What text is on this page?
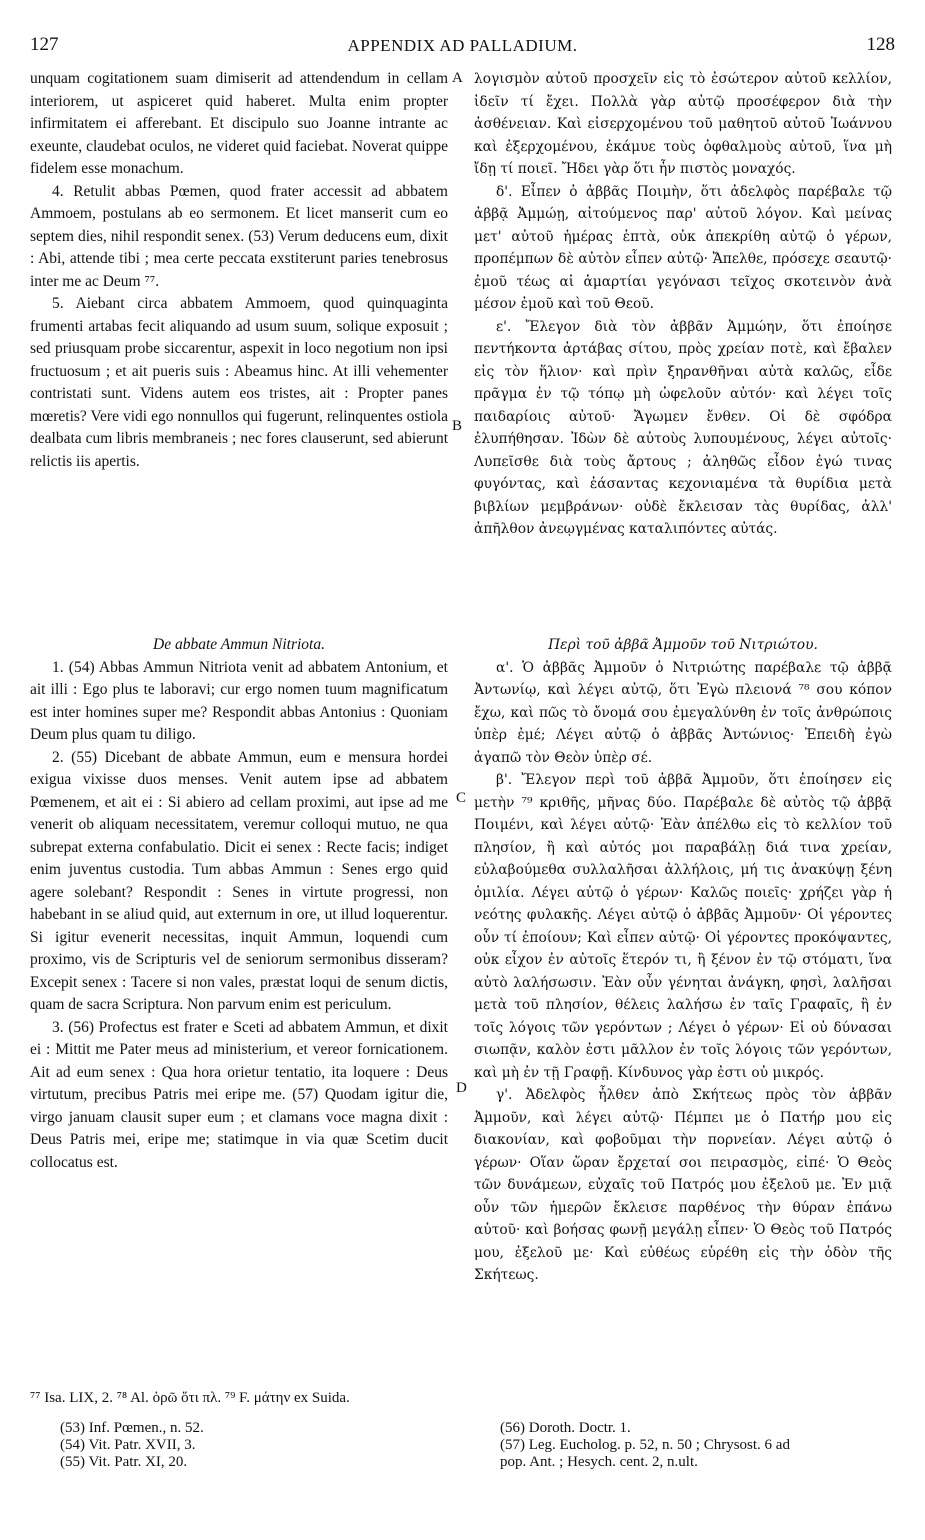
127	APPENDIX AD PALLADIUM.	128

unquam cogitationem suam dimiserit ad attendendum in cellam interiorem, ut aspiceret quid haberet. Multa enim propter infirmitatem ei afferebant. Et discipulo suo Joanne intrante ac exeunte, claudebat oculos, ne videret quid faciebat. Noverat quippe fidelem esse monachum.

4. Retulit abbas Pœmen, quod frater accessit ad abbatem Ammoem, postulans ab eo sermonem. Et licet manserit cum eo septem dies, nihil respondit senex. (53) Verum deducens eum, dixit : Abi, attende tibi ; mea certe peccata exstiterunt paries tenebrosus inter me ac Deum ⁷⁷.

5. Aiebant circa abbatem Ammoem, quod quinquaginta frumenti artabas fecit aliquando ad usum suum, solique exposuit ; sed priusquam probe siccarentur, aspexit in loco negotium non ipsi fructuosum ; et ait pueris suis : Abeamus hinc. At illi vehementer contristati sunt. Videns autem eos tristes, ait : Propter panes mœretis? Vere vidi ego nonnullos qui fugerunt, relinquentes ostiola dealbata cum libris membraneis ; nec fores clauserunt, sed abierunt relictis iis apertis.

λογισμὸν αὐτοῦ προσχεῖν εἰς τὸ ἐσώτερον αὐτοῦ κελλίον, ἰδεῖν τί ἔχει. Πολλὰ γὰρ αὐτῷ προσέφερον διὰ τὴν ἀσθένειαν. Καὶ εἰσερχομένου τοῦ μαθητοῦ αὐτοῦ Ἰωάννου καὶ ἐξερχομένου, ἐκάμυε τοὺς ὀφθαλμοὺς αὐτοῦ, ἵνα μὴ ἴδῃ τί ποιεῖ. Ἤδει γὰρ ὅτι ἦν πιστὸς μοναχός.

δ'. Εἶπεν ὁ ἀββᾶς Ποιμὴν, ὅτι ἀδελφὸς παρέβαλε τῷ ἀββᾷ Ἀμμώῃ, αἰτούμενος παρ' αὐτοῦ λόγον. Καὶ μείνας μετ' αὐτοῦ ἡμέρας ἑπτὰ, οὐκ ἀπεκρίθη αὐτῷ ὁ γέρων, προπέμπων δὲ αὐτὸν εἶπεν αὐτῷ· Ἄπελθε, πρόσεχε σεαυτῷ· ἐμοῦ τέως αἱ ἁμαρτίαι γεγόνασι τεῖχος σκοτεινὸν ἀνὰ μέσον ἐμοῦ καὶ τοῦ Θεοῦ.

ε'. Ἔλεγον διὰ τὸν ἀββᾶν Ἀμμώην, ὅτι ἐποίησε πεντήκοντα ἀρτάβας σίτου, πρὸς χρείαν ποτὲ, καὶ ἔβαλεν εἰς τὸν ἥλιον· καὶ πρὶν ξηρανθῆναι αὐτὰ καλῶς, εἶδε πρᾶγμα ἐν τῷ τόπῳ μὴ ὠφελοῦν αὐτόν· καὶ λέγει τοῖς παιδαρίοις αὐτοῦ· Ἄγωμεν ἔνθεν. Οἱ δὲ σφόδρα ἐλυπήθησαν. Ἰδὼν δὲ αὐτοὺς λυπουμένους, λέγει αὐτοῖς· Λυπεῖσθε διὰ τοὺς ἄρτους ; ἀληθῶς εἶδον ἐγώ τινας φυγόντας, καὶ ἐάσαντας κεχονιαμένα τὰ θυρίδια μετὰ βιβλίων μεμβράνων· οὐδὲ ἔκλεισαν τὰς θυρίδας, ἀλλ' ἀπῆλθον ἀνεῳγμένας καταλιπόντες αὐτάς.

A
B
C
D

De abbate Ammun Nitriota.

1. (54) Abbas Ammun Nitriota venit ad abbatem Antonium, et ait illi : Ego plus te laboravi; cur ergo nomen tuum magnificatum est inter homines super me? Respondit abbas Antonius : Quoniam Deum plus quam tu diligo.

2. (55) Dicebant de abbate Ammun, eum e mensura hordei exigua vixisse duos menses. Venit autem ipse ad abbatem Pœmenem, et ait ei : Si abiero ad cellam proximi, aut ipse ad me venerit ob aliquam necessitatem, veremur colloqui mutuo, ne qua subrepat externa confabulatio. Dicit ei senex : Recte facis; indiget enim juventus custodia. Tum abbas Ammun : Senes ergo quid agere solebant? Respondit : Senes in virtute progressi, non habebant in se aliud quid, aut externum in ore, ut illud loquerentur. Si igitur evenerit necessitas, inquit Ammun, loquendi cum proximo, vis de Scripturis vel de seniorum sermonibus disseram? Excepit senex : Tacere si non vales, præstat loqui de senum dictis, quam de sacra Scriptura. Non parvum enim est periculum.

3. (56) Profectus est frater e Sceti ad abbatem Ammun, et dixit ei : Mittit me Pater meus ad ministerium, et vereor fornicationem. Ait ad eum senex : Qua hora orietur tentatio, ita loquere : Deus virtutum, precibus Patris mei eripe me. (57) Quodam igitur die, virgo januam clausit super eum ; et clamans voce magna dixit : Deus Patris mei, eripe me; statimque in via quæ Scetim ducit collocatus est.

Περὶ τοῦ ἀββᾶ Ἀμμοῦν τοῦ Νιτριώτου.

α'. Ὁ ἀββᾶς Ἀμμοῦν ὁ Νιτριώτης παρέβαλε τῷ ἀββᾷ Ἀντωνίῳ, καὶ λέγει αὐτῷ, ὅτι Ἐγὼ πλειονά ⁷⁸ σου κόπον ἔχω, καὶ πῶς τὸ ὄνομά σου ἐμεγαλύνθη ἐν τοῖς ἀνθρώποις ὑπὲρ ἐμέ; Λέγει αὐτῷ ὁ ἀββᾶς Ἀντώνιος· Ἐπειδὴ ἐγὼ ἀγαπῶ τὸν Θεὸν ὑπὲρ σέ.

β'. Ἔλεγον περὶ τοῦ ἀββᾶ Ἀμμοῦν, ὅτι ἐποίησεν εἰς μετὴν ⁷⁹ κριθῆς, μῆνας δύο. Παρέβαλε δὲ αὐτὸς τῷ ἀββᾷ Ποιμένι, καὶ λέγει αὐτῷ· Ἐὰν ἀπέλθω εἰς τὸ κελλίον τοῦ πλησίον, ἢ καὶ αὐτός μοι παραβάλῃ διά τινα χρείαν, εὐλαβούμεθα συλλαλῆσαι ἀλλήλοις, μή τις ἀνακύψῃ ξένη ὁμιλία. Λέγει αὐτῷ ὁ γέρων· Καλῶς ποιεῖς· χρήζει γὰρ ἡ νεότης φυλακῆς. Λέγει αὐτῷ ὁ ἀββᾶς Ἀμμοῦν· Οἱ γέροντες οὖν τί ἐποίουν; Καὶ εἶπεν αὐτῷ· Οἱ γέροντες προκόψαντες, οὐκ εἶχον ἐν αὐτοῖς ἕτερόν τι, ἢ ξένον ἐν τῷ στόματι, ἵνα αὐτὸ λαλήσωσιν. Ἐὰν οὖν γένηται ἀνάγκη, φησὶ, λαλῆσαι μετὰ τοῦ πλησίον, θέλεις λαλήσω ἐν ταῖς Γραφαῖς, ἢ ἐν τοῖς λόγοις τῶν γερόντων ; Λέγει ὁ γέρων· Εἰ οὐ δύνασαι σιωπᾷν, καλὸν ἐστι μᾶλλον ἐν τοῖς λόγοις τῶν γερόντων, καὶ μὴ ἐν τῇ Γραφῇ. Κίνδυνος γὰρ ἐστι οὐ μικρός.

γ'. Ἀδελφὸς ἦλθεν ἀπὸ Σκήτεως πρὸς τὸν ἀββᾶν Ἀμμοῦν, καὶ λέγει αὐτῷ· Πέμπει με ὁ Πατήρ μου εἰς διακονίαν, καὶ φοβοῦμαι τὴν πορνείαν. Λέγει αὐτῷ ὁ γέρων· Οἵαν ὥραν ἔρχεταί σοι πειρασμὸς, εἰπέ· Ὁ Θεὸς τῶν δυνάμεων, εὐχαῖς τοῦ Πατρός μου ἐξελοῦ με. Ἐν μιᾷ οὖν τῶν ἡμερῶν ἔκλεισε παρθένος τὴν θύραν ἐπάνω αὐτοῦ· καὶ βοήσας φωνῇ μεγάλῃ εἶπεν· Ὁ Θεὸς τοῦ Πατρός μου, ἐξελοῦ με· Καὶ εὐθέως εὑρέθη εἰς τὴν ὁδὸν τῆς Σκήτεως.

⁷⁷ Isa. LIX, 2. ⁷⁸ Al. ὁρῶ ὅτι πλ. ⁷⁹ F. μάτην ex Suida.
(53) Inf. Pœmen., n. 52.
(54) Vit. Patr. XVII, 3.
(55) Vit. Patr. XI, 20.
(56) Doroth. Doctr. 1.
(57) Leg. Eucholog. p. 52, n. 50 ; Chrysost. 6 ad
pop. Ant. ; Hesych. cent. 2, n.ult.
